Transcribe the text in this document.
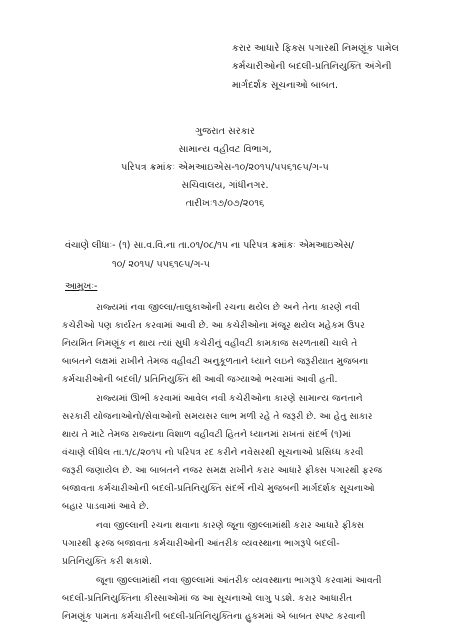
કરાર આધારે ફિક્સ પગારથી નિમણૂંક પામેલ
કર્મચારીઓની બદલી-પ્રતિનિયુક્તિ અંગેની
માર્ગદર્શક સૂચનાઓ બાબત.
ગુજરાત સરકાર
સામાન્ય વહીવટ વિભાગ,
પરિપત્ર ક્રમાંકઃ એમઆઇએસ-૧૦/૨૦૧૫/૫૫૬૧૯૫/ગ-૫
સચિવાલય, ગાંધીનગર.
તારીખઃ૧૭/૦૭/૨૦૧૬
વંચાણે લીધાઃ- (૧) સા.વ.વિ.ના તા.૦૧/૦૮/૧૫ ના પરિપત્ર ક્રમાંકઃ એમઆઇએસ/
૧૦/ ૨૦૧૫/ ૫૫૬૧૯૫/ગ-૫
આમુખઃ-
રાજ્યમાં નવા જીલ્લા/તાલુકાઓની રચના થયેલ છે અને તેના કારણે નવી
કચેરીઓ પણ કાર્યરત કરવામાં આવી છે. આ કચેરીઓના મંજૂર થયેલ મહેકમ ઉપર
નિયમિત નિમણૂંક ન થાય ત્યાં સુધી કચેરીનું વહીવટી કામકાજ સરળતાથી ચાલે તે
બાબતને લક્ષમાં રાખીને તેમજ વહીવટી અનુકૂળતાને ધ્યાને લઇને જરૂરીયાત મુજબના
કર્મચારીઓની બદલી/ પ્રતિનિયુક્તિ થી આવી જગ્યાઓ ભરવામાં આવી હતી.
રાજ્યમાં ઊભી કરવામાં આવેલ નવી કચેરીઓના કારણે સામાન્ય જનતાને
સરકારી યોજનાઓનો/સેવાઓનો સમયસર લાભ મળી રહે તે જરૂરી છે. આ હેતુ સાકાર
થાય તે માટે તેમજ રાજ્યના વિશાળ વહીવટી હિતને ધ્યાનમાં રાખતાં સંદર્ભ (૧)માં
વંચાણે લીધેલ તા.૧/૮/૨૦૧૫ નો પરિપત્ર રદ કરીને નવેસરથી સૂચનાઓ પ્રસિધ્ધ કરવી
જરૂરી જણાયેલ છે. આ બાબતને નજર સમક્ષ રાખીને કરાર આધારે ફીક્સ પગારથી ફરજ
બજાવતા કર્મચારીઓની બદલી-પ્રતિનિયુક્તિ સંદર્ભે નીચે મુજબની માર્ગદર્શક સૂચનાઓ
બહાર પાડવામાં આવે છે.
નવા જીલ્લાની રચના થવાના કારણે જૂના જીલ્લામાંથી કરાર આધારે ફીક્સ
પગારથી ફરજ બજાવતા કર્મચારીઓની આંતરીક વ્યવસ્થાના ભાગરૂપે બદલી-
પ્રતિનિયુક્તિ કરી શકાશે.
જૂના જીલ્લામાંથી નવા જીલ્લામાં આંતરીક વ્યવસ્થાના ભાગરૂપે કરવામાં આવતી
બદલી-પ્રતિનિયુક્તિના કીસ્સાઓમાં જ આ સૂચનાઓ લાગુ પડશે. કરાર આધારીત
નિમણૂંક પામતા કર્મચારીની બદલી-પ્રતિનિયુક્તિના હુકમમાં એ બાબત સ્પષ્ટ કરવાની
